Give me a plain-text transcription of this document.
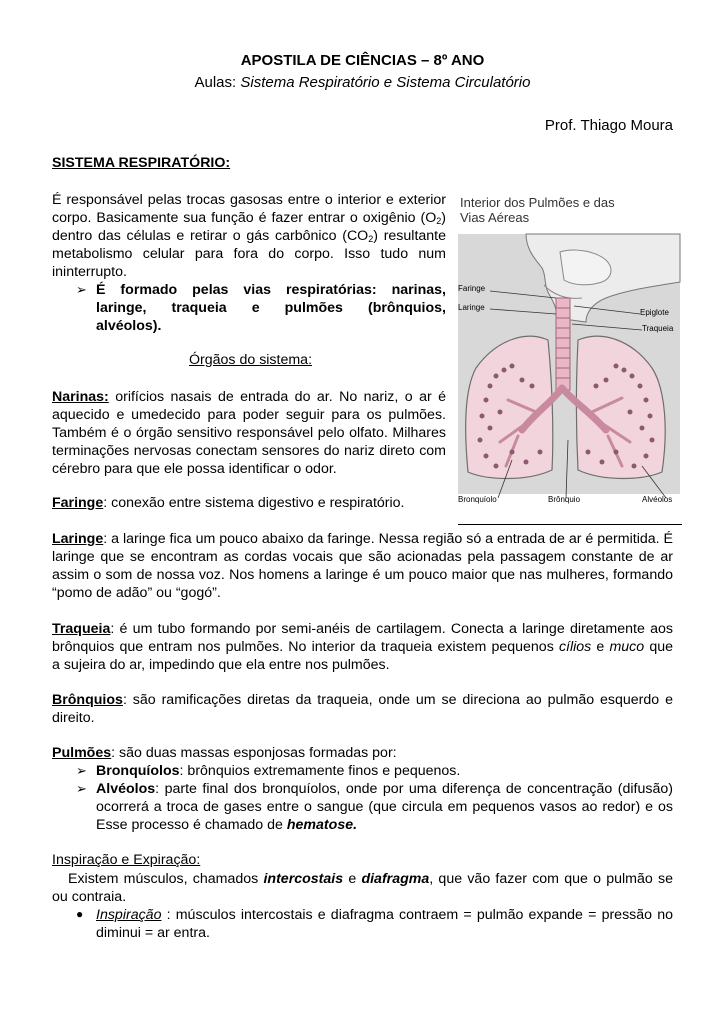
APOSTILA DE CIÊNCIAS – 8º ANO
Aulas: Sistema Respiratório e Sistema Circulatório
Prof. Thiago Moura
SISTEMA RESPIRATÓRIO:
É responsável pelas trocas gasosas entre o interior e exterior
corpo. Basicamente sua função é fazer entrar o oxigênio $(O_2)$
dentro das células e retirar o gás carbônico $(CO_2)$ resultante
metabolismo celular para fora do corpo. Isso tudo num
ininterrupto.
➢ É formado pelas vias respiratórias: narinas,
laringe, traqueia e pulmões (brônquios,
alvéolos).
Órgãos do sistema:
Narinas: orifícios nasais de entrada do ar. No nariz, o ar é
aquecido e umedecido para poder seguir para os pulmões.
Também é o órgão sensitivo responsável pelo olfato. Milhares
terminações nervosas conectam sensores do nariz direto com
cérebro para que ele possa identificar o odor.
Faringe: conexão entre sistema digestivo e respiratório.
Laringe: a laringe fica um pouco abaixo da faringe. Nessa região só a entrada de ar é permitida. É
laringe que se encontram as cordas vocais que são acionadas pela passagem constante de ar
assim o som de nossa voz. Nos homens a laringe é um pouco maior que nas mulheres, formando
“pomo de adão” ou “gogó”.
Traqueia: é um tubo formando por semi-anéis de cartilagem. Conecta a laringe diretamente aos
brônquios que entram nos pulmões. No interior da traqueia existem pequenos cílios e muco que
a sujeira do ar, impedindo que ela entre nos pulmões.
Brônquios: são ramificações diretas da traqueia, onde um se direciona ao pulmão esquerdo e
direito.
Pulmões: são duas massas esponjosas formadas por:
➢ Bronquíolos: brônquios extremamente finos e pequenos.
➢ Alvéolos: parte final dos bronquíolos, onde por uma diferença de concentração (difusão)
ocorrerá a troca de gases entre o sangue (que circula em pequenos vasos ao redor) e os
Esse processo é chamado de hematose.
Inspiração e Expiração:
Existem músculos, chamados intercostais e diafragma, que vão fazer com que o pulmão se
ou contraia.
● Inspiração : músculos intercostais e diafragma contraem = pulmão expande = pressão no
diminui = ar entra.
Interior dos Pulmões e das
Vias Aéreas
Faringe
Laringe
Epiglote
Traqueia
Bronquíolo	Brônquio	Alvéolos
